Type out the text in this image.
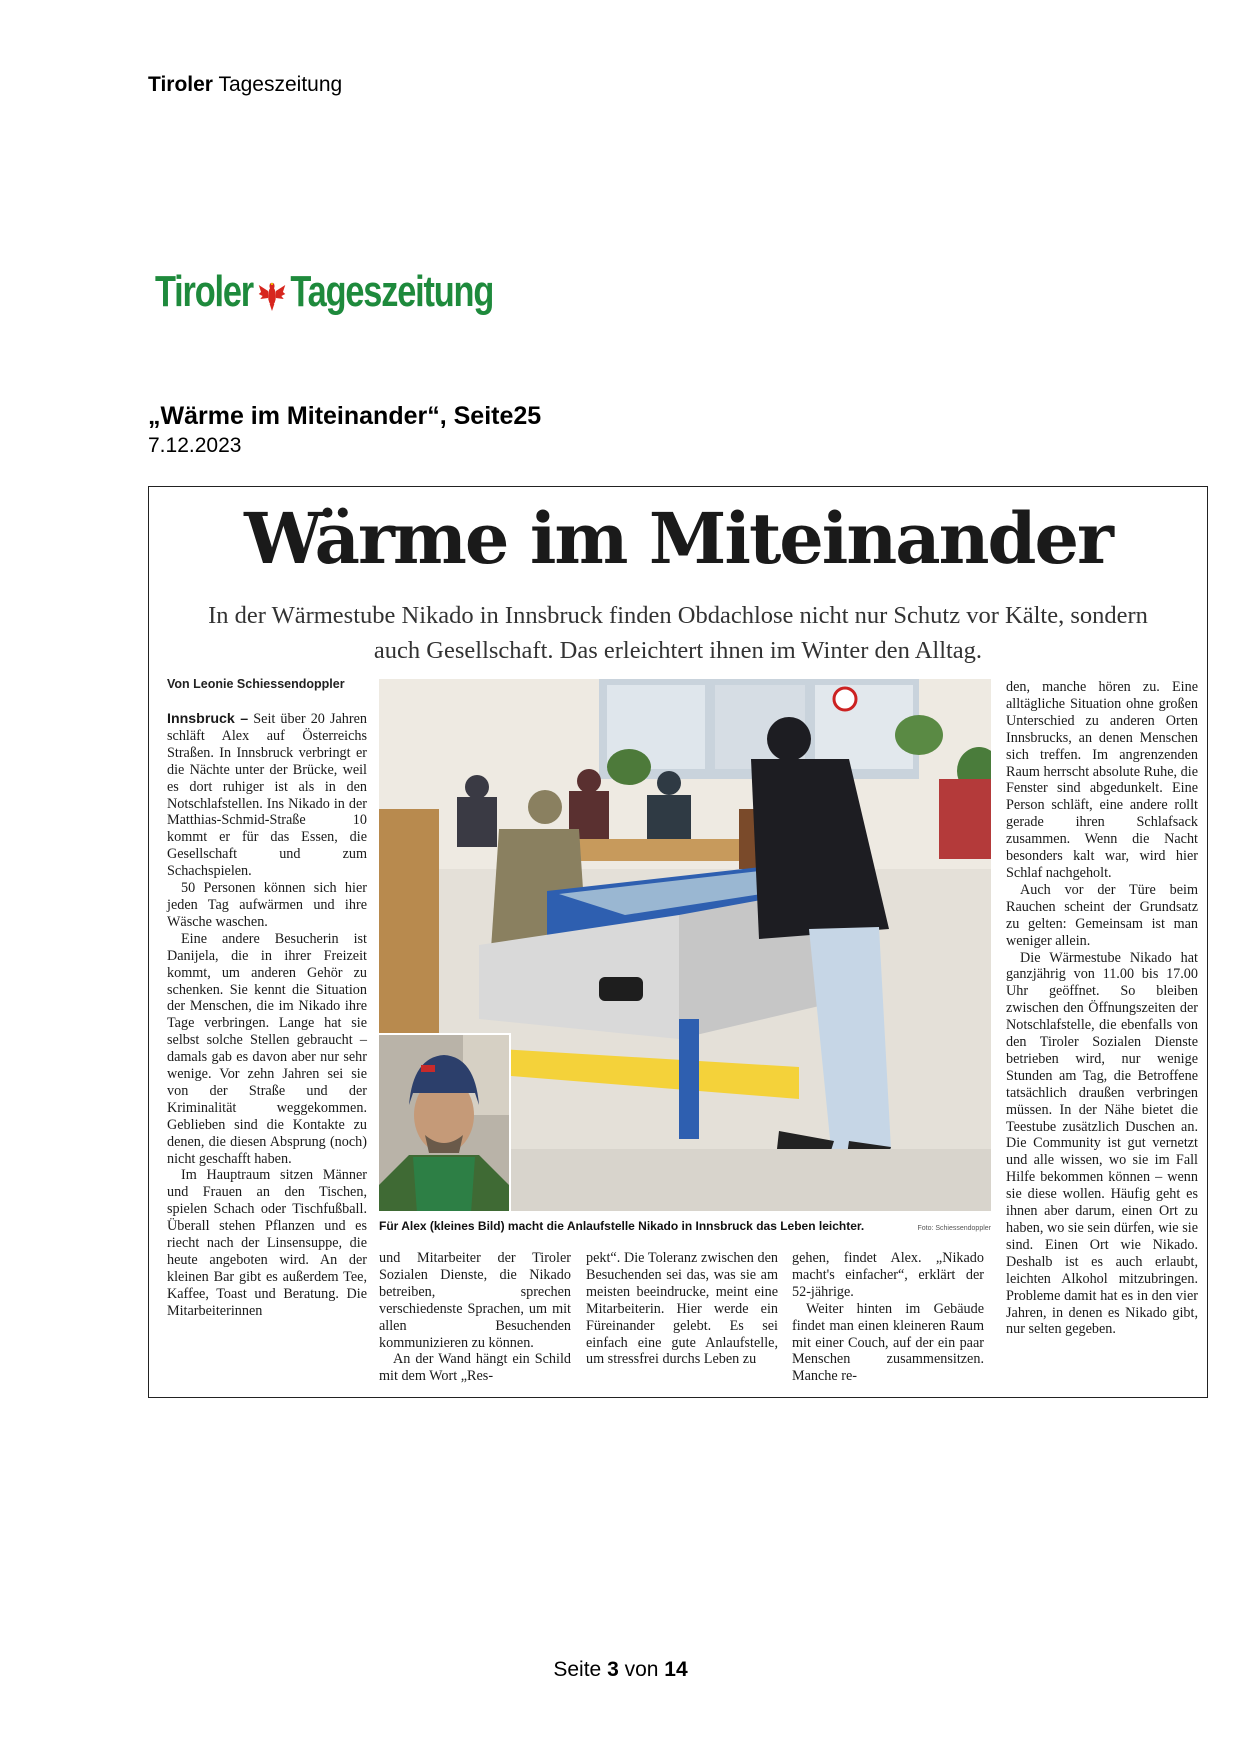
Tiroler Tageszeitung
Tiroler Tageszeitung
„Wärme im Miteinander“, Seite25
7.12.2023
Wärme im Miteinander
In der Wärmestube Nikado in Innsbruck finden Obdachlose nicht nur Schutz vor Kälte, sondern auch Gesellschaft. Das erleichtert ihnen im Winter den Alltag.
Von Leonie Schiessendoppler

Innsbruck – Seit über 20 Jahren schläft Alex auf Österreichs Straßen. In Innsbruck verbringt er die Nächte unter der Brücke, weil es dort ruhiger ist als in den Notschlafstellen. Ins Nikado in der Matthias-Schmid-Straße 10 kommt er für das Essen, die Gesellschaft und zum Schachspielen.

50 Personen können sich hier jeden Tag aufwärmen und ihre Wäsche waschen.

Eine andere Besucherin ist Danijela, die in ihrer Freizeit kommt, um anderen Gehör zu schenken. Sie kennt die Situation der Menschen, die im Nikado ihre Tage verbringen. Lange hat sie selbst solche Stellen gebraucht – damals gab es davon aber nur sehr wenige. Vor zehn Jahren sei sie von der Straße und der Kriminalität weggekommen. Geblieben sind die Kontakte zu denen, die diesen Absprung (noch) nicht geschafft haben.

Im Hauptraum sitzen Männer und Frauen an den Tischen, spielen Schach oder Tischfußball. Überall stehen Pflanzen und es riecht nach der Linsensuppe, die heute angeboten wird. An der kleinen Bar gibt es außerdem Tee, Kaffee, Toast und Beratung. Die Mitarbeiterinnen

Für Alex (kleines Bild) macht die Anlaufstelle Nikado in Innsbruck das Leben leichter.	Foto: Schiessendoppler

und Mitarbeiter der Tiroler Sozialen Dienste, die Nikado betreiben, sprechen verschiedenste Sprachen, um mit allen Besuchenden kommunizieren zu können.

An der Wand hängt ein Schild mit dem Wort „Res-

pekt“. Die Toleranz zwischen den Besuchenden sei das, was sie am meisten beeindrucke, meint eine Mitarbeiterin. Hier werde ein Füreinander gelebt. Es sei einfach eine gute Anlaufstelle, um stressfrei durchs Leben zu

gehen, findet Alex. „Nikado macht's einfacher“, erklärt der 52-jährige.

Weiter hinten im Gebäude findet man einen kleineren Raum mit einer Couch, auf der ein paar Menschen zusammensitzen. Manche re-

den, manche hören zu. Eine alltägliche Situation ohne großen Unterschied zu anderen Orten Innsbrucks, an denen Menschen sich treffen. Im angrenzenden Raum herrscht absolute Ruhe, die Fenster sind abgedunkelt. Eine Person schläft, eine andere rollt gerade ihren Schlafsack zusammen. Wenn die Nacht besonders kalt war, wird hier Schlaf nachgeholt.

Auch vor der Türe beim Rauchen scheint der Grundsatz zu gelten: Gemeinsam ist man weniger allein.

Die Wärmestube Nikado hat ganzjährig von 11.00 bis 17.00 Uhr geöffnet. So bleiben zwischen den Öffnungszeiten der Notschlafstelle, die ebenfalls von den Tiroler Sozialen Dienste betrieben wird, nur wenige Stunden am Tag, die Betroffene tatsächlich draußen verbringen müssen. In der Nähe bietet die Teestube zusätzlich Duschen an. Die Community ist gut vernetzt und alle wissen, wo sie im Fall Hilfe bekommen können – wenn sie diese wollen. Häufig geht es ihnen aber darum, einen Ort zu haben, wo sie sein dürfen, wie sie sind. Einen Ort wie Nikado. Deshalb ist es auch erlaubt, leichten Alkohol mitzubringen. Probleme damit hat es in den vier Jahren, in denen es Nikado gibt, nur selten gegeben.

Seite 3 von 14
